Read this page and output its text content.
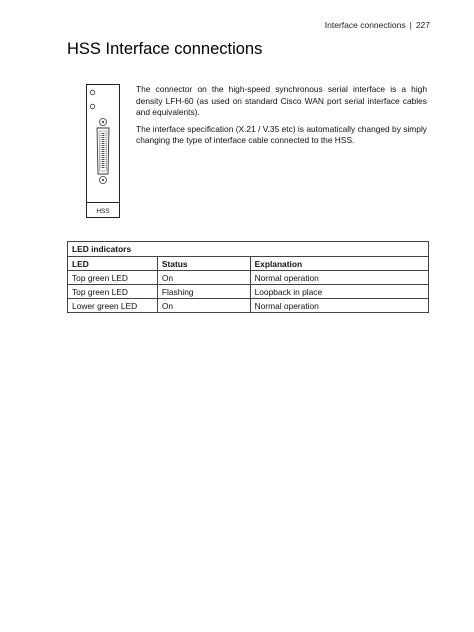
Interface connections | 227
HSS Interface connections
HSS

The connector on the high-speed synchronous serial interface is a high density LFH-60 (as used on standard Cisco WAN port serial interface cables and equivalents).

The interface specification (X.21 / V.35 etc) is automatically changed by simply changing the type of interface cable connected to the HSS.

LED indicators		
LED	Status	Explanation
Top green LED	On	Normal operation
Top green LED	Flashing	Loopback in place
Lower green LED	On	Normal operation
